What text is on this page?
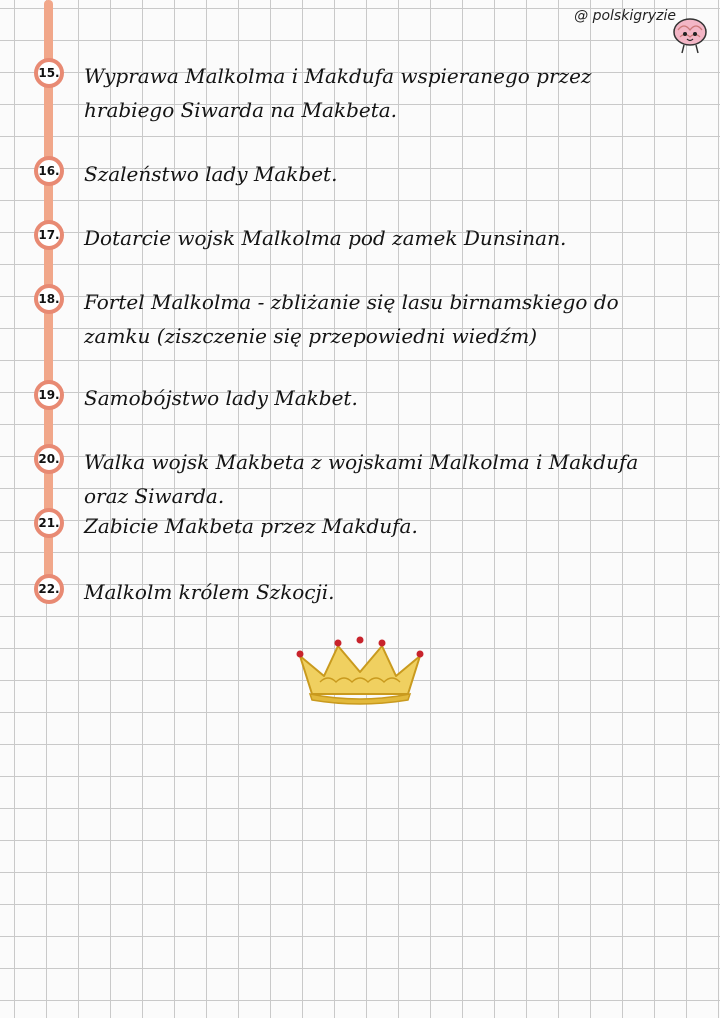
@ polskigryzie
15. Wyprawa Malkolma i Makdufa wspieranego przez hrabiego Siwarda na Makbeta.
16. Szaleństwo lady Makbet.
17. Dotarcie wojsk Malkolma pod zamek Dunsinan.
18. Fortel Malkolma - zbliżanie się lasu birnamskiego do zamku (ziszczenie się przepowiedni wiedźm)
19. Samobójstwo lady Makbet.
20. Walka wojsk Makbeta z wojskami Malkolma i Makdufa oraz Siwarda.
21. Zabicie Makbeta przez Makdufa.
22. Malkolm królem Szkocji.
